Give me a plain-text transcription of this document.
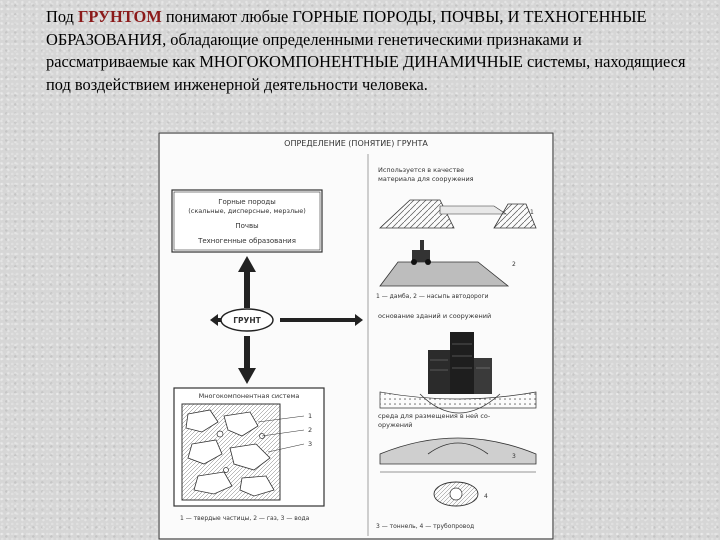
Под ГРУНТОМ понимают любые ГОРНЫЕ ПОРОДЫ, ПОЧВЫ, И ТЕХНОГЕННЫЕ ОБРАЗОВАНИЯ, обладающие определенными генетическими признаками и рассматриваемые как МНОГОКОМПОНЕНТНЫЕ ДИНАМИЧНЫЕ системы, находящиеся под воздействием инженерной деятельности человека.
ОПРЕДЕЛЕНИЕ (ПОНЯТИЕ) ГРУНТА
Горные породы
(скальные, дисперсные, мерзлые)
Почвы
Техногенные образования
ГРУНТ
Многокомпонентная система
1
2
3
1 — твердые частицы, 2 — газ, 3 — вода
Используется в качестве
материала для сооружения
1
2
1 — дамба, 2 — насыпь автодороги
основание зданий и сооружений
среда для размещения в ней со-
оружений
3
4
3 — тоннель, 4 — трубопровод
